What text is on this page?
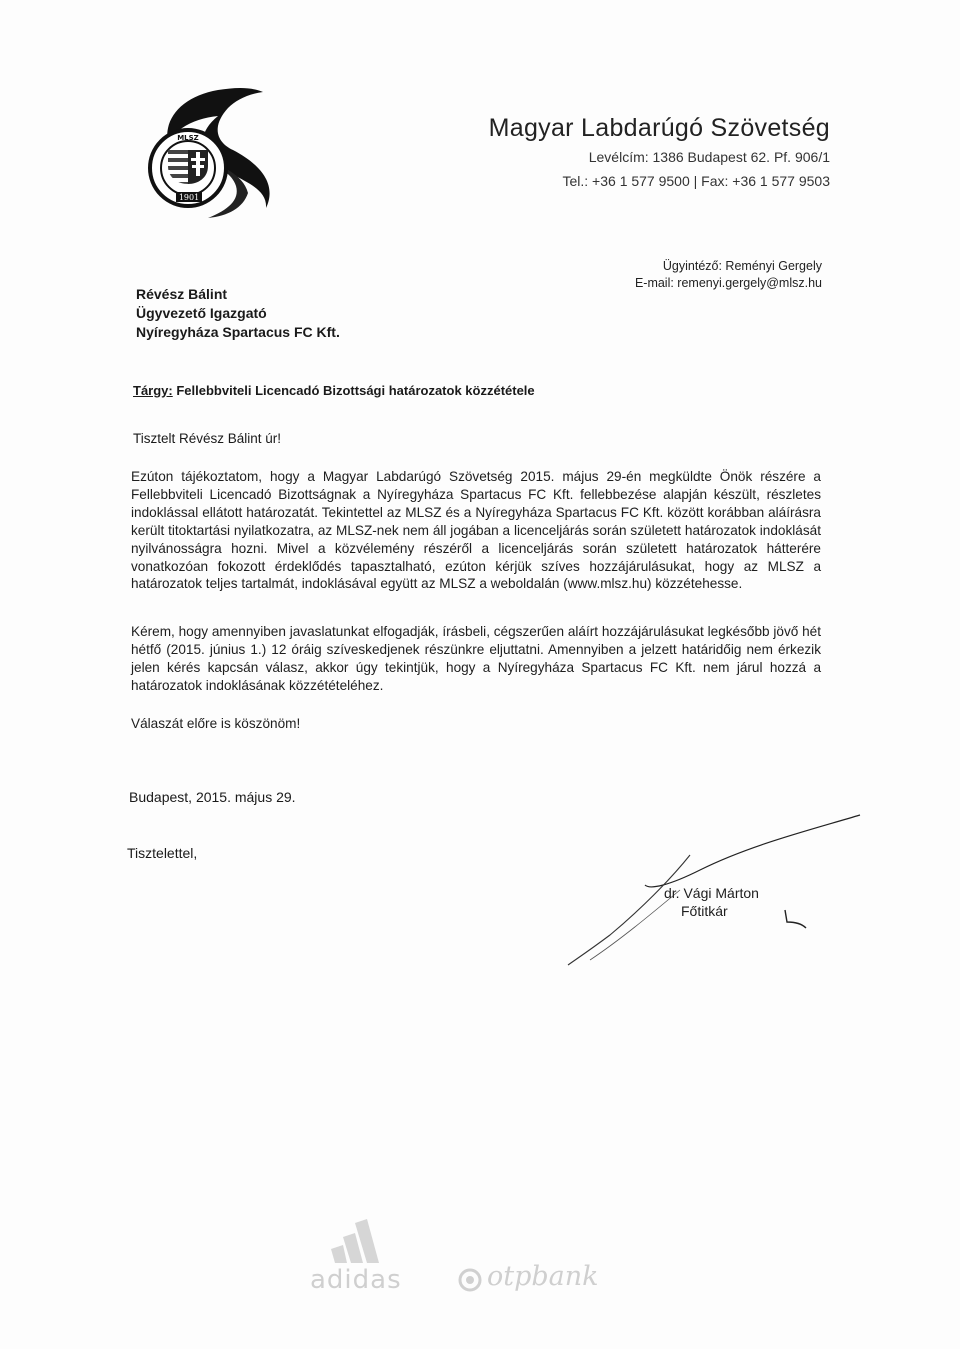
1901
MLSZ	Magyar Labdarúgó Szövetség
Levélcím: 1386 Budapest 62. Pf. 906/1
Tel.: +36 1 577 9500 | Fax: +36 1 577 9503
Ügyintéző: Reményi Gergely
E-mail: remenyi.gergely@mlsz.hu
Révész Bálint
Ügyvezető Igazgató
Nyíregyháza Spartacus FC Kft.
Tárgy: Fellebbviteli Licencadó Bizottsági határozatok közzététele
Tisztelt Révész Bálint úr!
Ezúton tájékoztatom, hogy a Magyar Labdarúgó Szövetség 2015. május 29-én megküldte Önök részére a Fellebbviteli Licencadó Bizottságnak a Nyíregyháza Spartacus FC Kft. fellebbezése alapján készült, részletes indoklással ellátott határozatát. Tekintettel az MLSZ és a Nyíregyháza Spartacus FC Kft. között korábban aláírásra került titoktartási nyilatkozatra, az MLSZ-nek nem áll jogában a licenceljárás során született határozatok indoklását nyilvánosságra hozni. Mivel a közvélemény részéről a licenceljárás során született határozatok hátterére vonatkozóan fokozott érdeklődés tapasztalható, ezúton kérjük szíves hozzájárulásukat, hogy az MLSZ a határozatok teljes tartalmát, indoklásával együtt az MLSZ a weboldalán (www.mlsz.hu) közzétehesse.
Kérem, hogy amennyiben javaslatunkat elfogadják, írásbeli, cégszerűen aláírt hozzájárulásukat legkésőbb jövő hét hétfő (2015. június 1.) 12 óráig szíveskedjenek részünkre eljuttatni. Amennyiben a jelzett határidőig nem érkezik jelen kérés kapcsán válasz, akkor úgy tekintjük, hogy a Nyíregyháza Spartacus FC Kft. nem járul hozzá a határozatok indoklásának közzétételéhez.
Válaszát előre is köszönöm!
Budapest, 2015. május 29.
Tisztelettel,
dr. Vági Márton
Főtitkár
adidas	otpbank
